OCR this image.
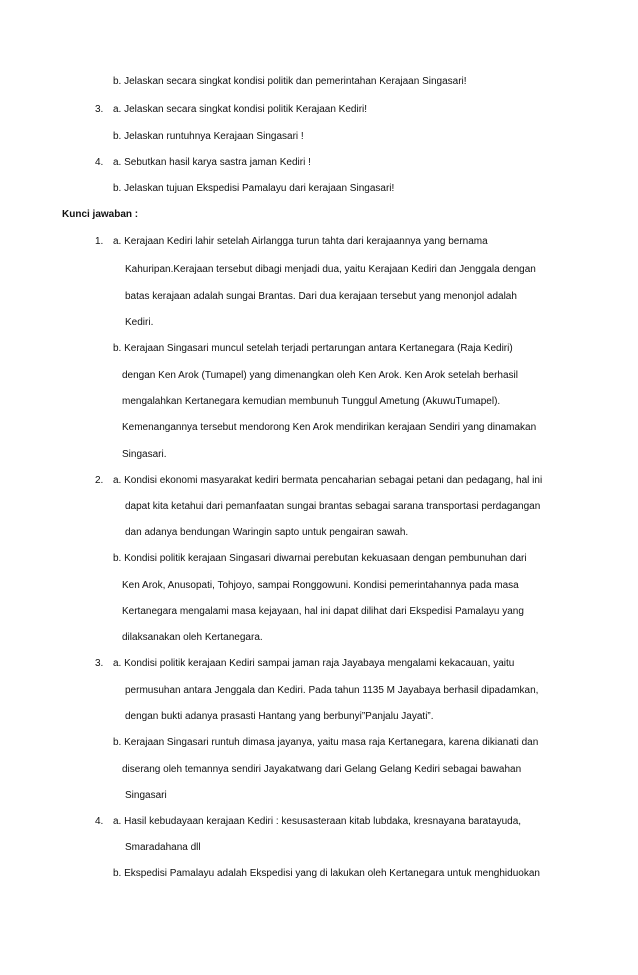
b. Jelaskan secara singkat kondisi politik dan pemerintahan Kerajaan Singasari!
3. a. Jelaskan secara singkat kondisi politik Kerajaan Kediri!
b. Jelaskan runtuhnya Kerajaan Singasari !
4. a. Sebutkan hasil karya sastra jaman Kediri !
b. Jelaskan tujuan Ekspedisi Pamalayu dari kerajaan Singasari!
Kunci jawaban :
1. a. Kerajaan Kediri lahir setelah Airlangga turun tahta dari kerajaannya yang bernama
Kahuripan.Kerajaan tersebut dibagi menjadi dua, yaitu Kerajaan Kediri dan Jenggala dengan
batas kerajaan adalah sungai Brantas. Dari dua kerajaan tersebut yang menonjol adalah
Kediri.
b. Kerajaan Singasari muncul setelah terjadi pertarungan antara Kertanegara (Raja Kediri)
dengan Ken Arok (Tumapel) yang dimenangkan oleh Ken Arok. Ken Arok setelah berhasil
mengalahkan Kertanegara kemudian membunuh Tunggul Ametung (AkuwuTumapel).
Kemenangannya tersebut mendorong Ken Arok mendirikan kerajaan Sendiri yang dinamakan
Singasari.
2. a. Kondisi ekonomi masyarakat kediri bermata pencaharian sebagai petani dan pedagang, hal ini
dapat kita ketahui dari pemanfaatan sungai brantas sebagai sarana transportasi perdagangan
dan adanya bendungan Waringin sapto untuk pengairan sawah.
b. Kondisi politik kerajaan Singasari diwarnai perebutan kekuasaan dengan pembunuhan dari
Ken Arok, Anusopati, Tohjoyo, sampai Ronggowuni. Kondisi pemerintahannya pada masa
Kertanegara mengalami masa kejayaan, hal ini dapat dilihat dari Ekspedisi Pamalayu yang
dilaksanakan oleh Kertanegara.
3. a. Kondisi politik kerajaan Kediri sampai jaman raja Jayabaya mengalami kekacauan, yaitu
permusuhan antara Jenggala dan Kediri. Pada tahun 1135 M Jayabaya berhasil dipadamkan,
dengan bukti adanya prasasti Hantang yang berbunyi”Panjalu Jayati”.
b. Kerajaan Singasari runtuh dimasa jayanya, yaitu masa raja Kertanegara, karena dikianati dan
diserang oleh temannya sendiri Jayakatwang dari Gelang Gelang Kediri sebagai bawahan
Singasari
4. a. Hasil kebudayaan kerajaan Kediri : kesusasteraan kitab lubdaka, kresnayana baratayuda,
Smaradahana dll
b. Ekspedisi Pamalayu adalah Ekspedisi yang di lakukan oleh Kertanegara untuk menghiduokan
